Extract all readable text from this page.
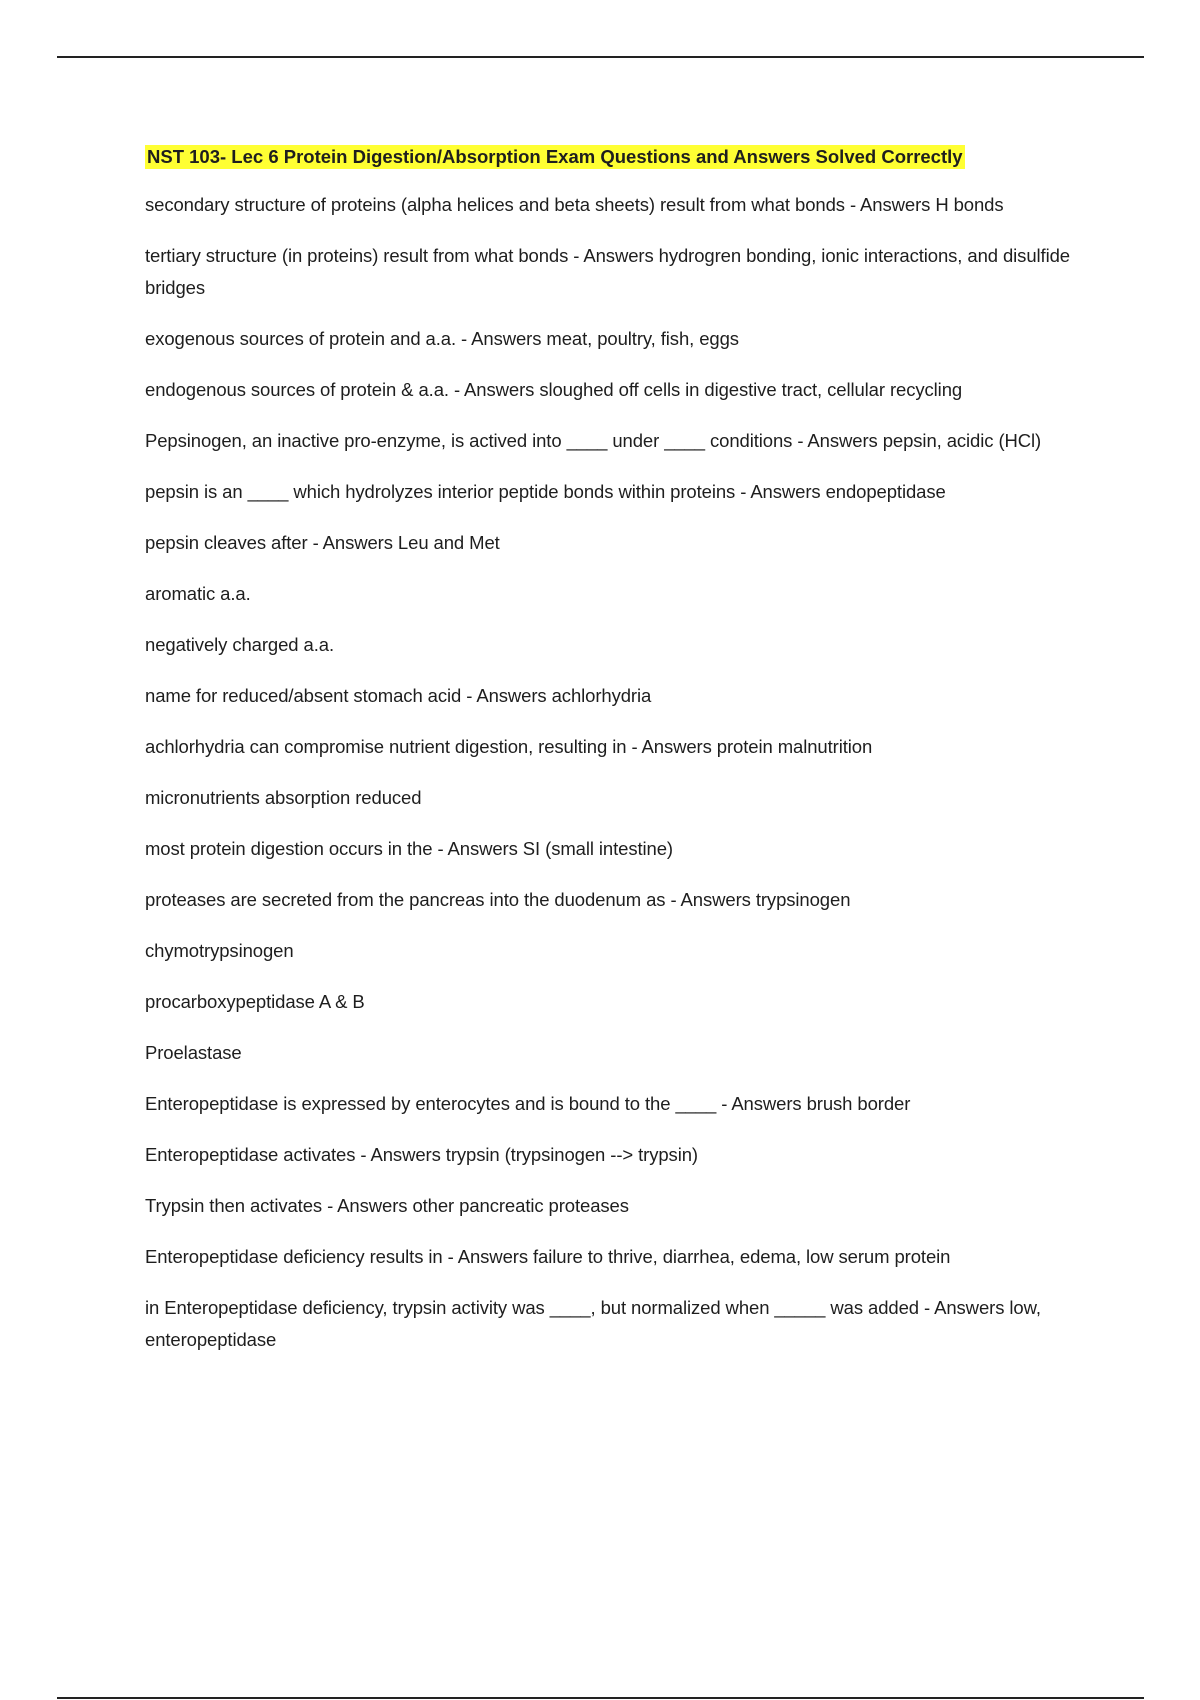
NST 103- Lec 6 Protein Digestion/Absorption Exam Questions and Answers Solved Correctly
secondary structure of proteins (alpha helices and beta sheets) result from what bonds - Answers H bonds
tertiary structure (in proteins) result from what bonds - Answers hydrogren bonding, ionic interactions, and disulfide bridges
exogenous sources of protein and a.a. - Answers meat, poultry, fish, eggs
endogenous sources of protein & a.a. - Answers sloughed off cells in digestive tract, cellular recycling
Pepsinogen, an inactive pro-enzyme, is actived into ____ under ____ conditions - Answers pepsin, acidic (HCl)
pepsin is an ____ which hydrolyzes interior peptide bonds within proteins - Answers endopeptidase
pepsin cleaves after - Answers Leu and Met
aromatic a.a.
negatively charged a.a.
name for reduced/absent stomach acid - Answers achlorhydria
achlorhydria can compromise nutrient digestion, resulting in - Answers protein malnutrition
micronutrients absorption reduced
most protein digestion occurs in the - Answers SI (small intestine)
proteases are secreted from the pancreas into the duodenum as - Answers trypsinogen
chymotrypsinogen
procarboxypeptidase A & B
Proelastase
Enteropeptidase is expressed by enterocytes and is bound to the ____ - Answers brush border
Enteropeptidase activates - Answers trypsin (trypsinogen --> trypsin)
Trypsin then activates - Answers other pancreatic proteases
Enteropeptidase deficiency results in - Answers failure to thrive, diarrhea, edema, low serum protein
in Enteropeptidase deficiency, trypsin activity was ____, but normalized when _____ was added - Answers low, enteropeptidase
